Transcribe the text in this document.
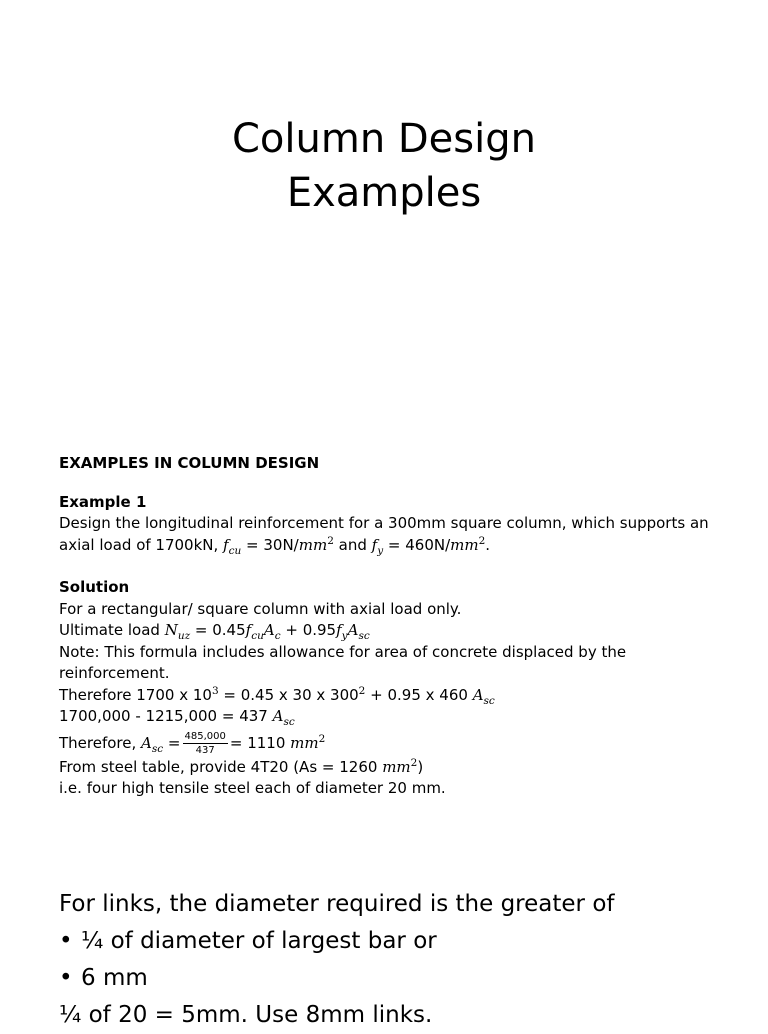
Column Design
Examples
EXAMPLES IN COLUMN DESIGN
Example 1
Design the longitudinal reinforcement for a 300mm square column, which supports an axial load of 1700kN, $f_{cu} = 30N/mm^2$ and $f_y = 460N/mm^2$.
Solution
For a rectangular/ square column with axial load only.
Ultimate load $N_{uz} = 0.45f_{cu}A_c + 0.95f_yA_{sc}$
Note: This formula includes allowance for area of concrete displaced by the reinforcement.
Therefore 1700 x $10^3 = 0.45$ x 30 x $300^2 + 0.95$ x 460 $A_{sc}$
1700,000 - 1215,000 = 437 $A_{sc}$
Therefore, $A_{sc} = \frac{485,000}{437} = 1110$ $mm^2$
From steel table, provide 4T20 (As = 1260 $mm^2$)
i.e. four high tensile steel each of diameter 20 mm.
For links, the diameter required is the greater of
• ¼ of diameter of largest bar or
• 6 mm
¼ of 20 = 5mm. Use 8mm links.
